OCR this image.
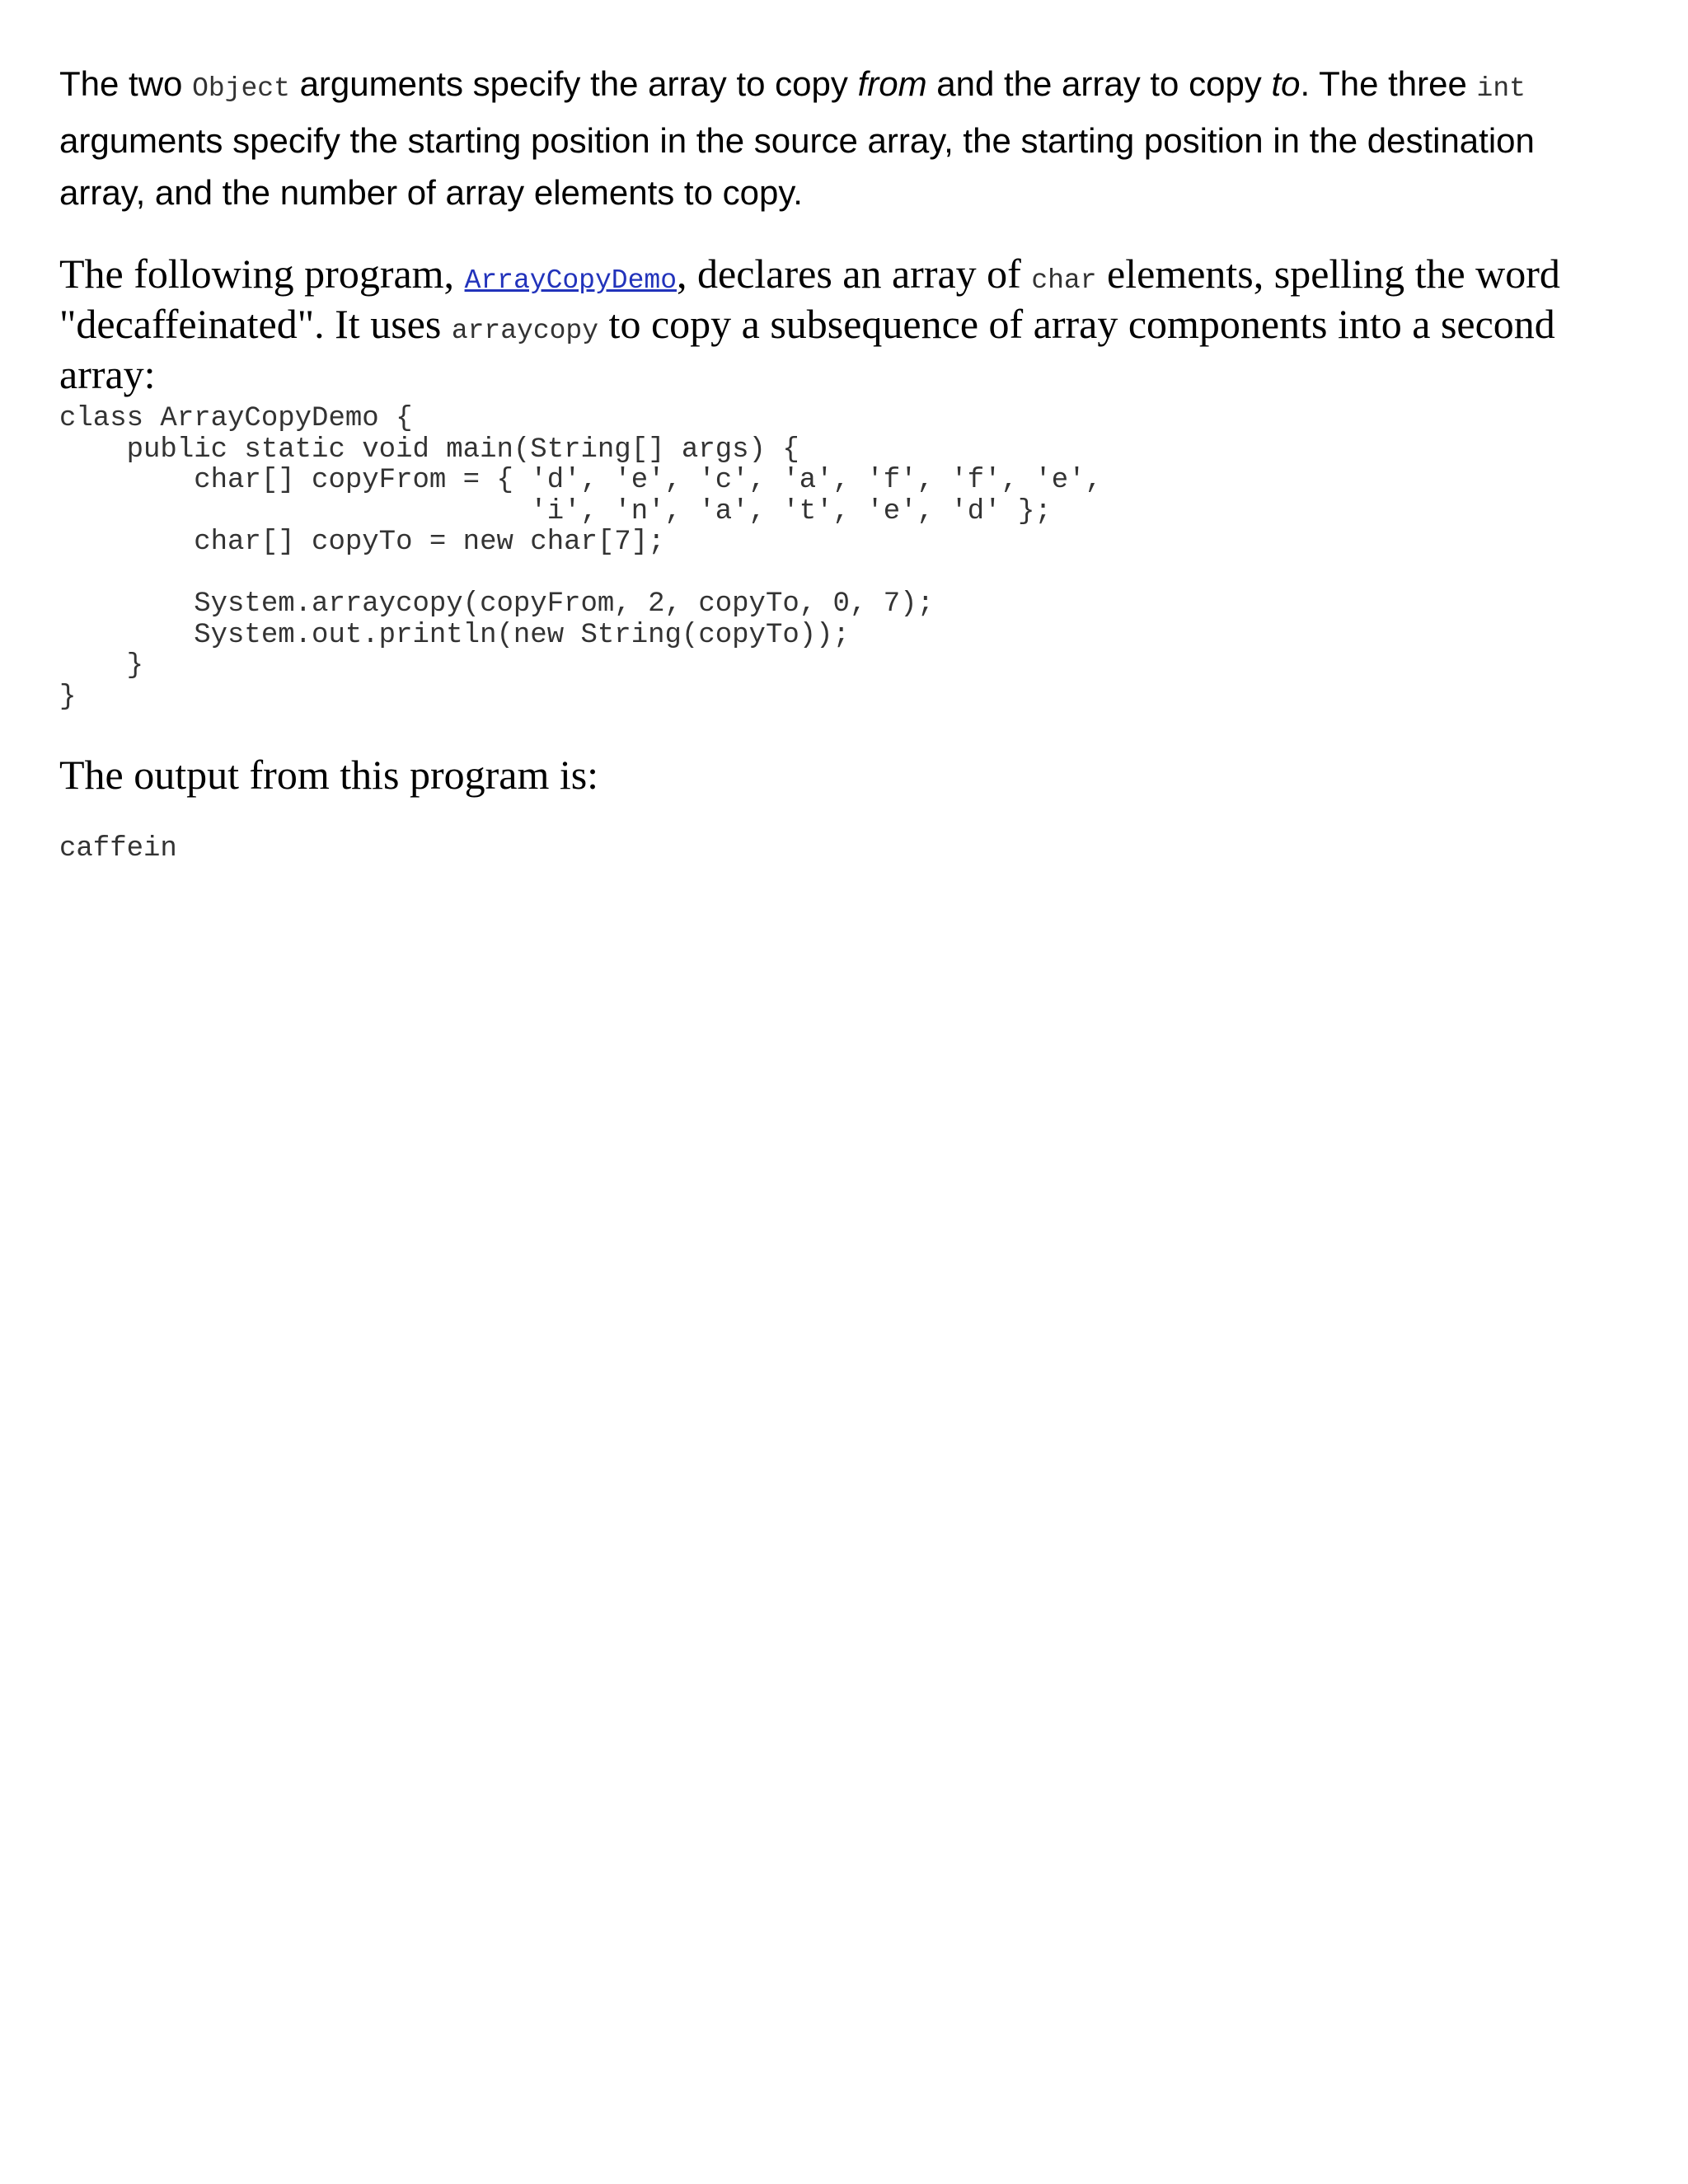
The two Object arguments specify the array to copy from and the array to copy to. The three int arguments specify the starting position in the source array, the starting position in the destination array, and the number of array elements to copy.

The following program, ArrayCopyDemo, declares an array of char elements, spelling the word "decaffeinated". It uses arraycopy to copy a subsequence of array components into a second array:

class ArrayCopyDemo {
public static void main(String[] args) {
char[] copyFrom = { 'd', 'e', 'c', 'a', 'f', 'f', 'e',
'i', 'n', 'a', 't', 'e', 'd' };
char[] copyTo = new char[7];

System.arraycopy(copyFrom, 2, copyTo, 0, 7);
System.out.println(new String(copyTo));
}
}

The output from this program is:

caffein
